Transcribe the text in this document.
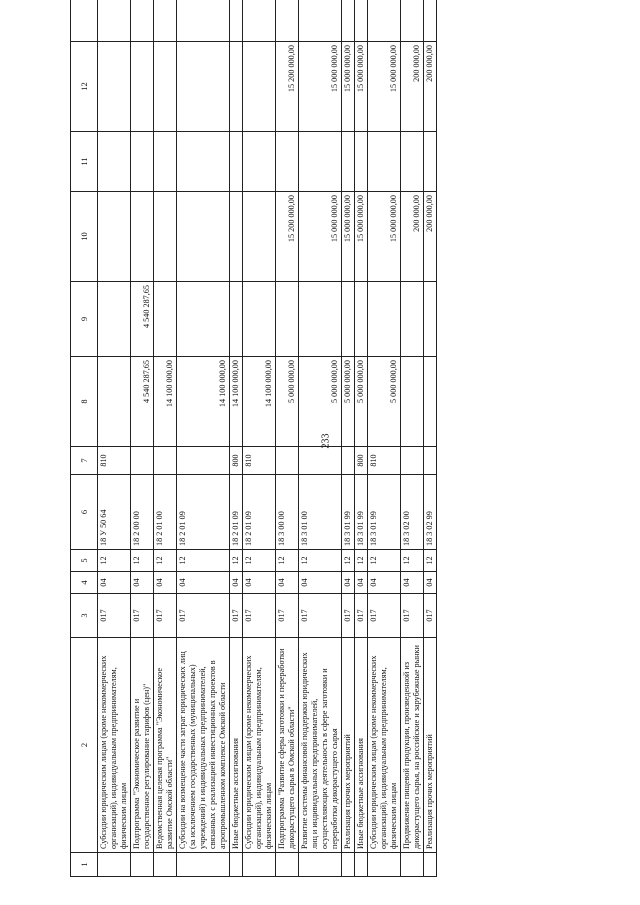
233
1	2	3	4	5	6	7	8	9	10	11	12	
	Субсидии юридическим лицам (кроме некоммерческих организаций), индивидуальным предпринимателям, физическим лицам	017	04	12	18 У 50 64	810						
	Подпрограмма "Экономическое развитие и государственное регулирование тарифов (цен)"	017	04	12	18 2 00 00		4 540 287,65	4 540 287,65				
	Ведомственная целевая программа "Экономическое развитие Омской области"	017	04	12	18 2 01 00		14 100 000,00					
	Субсидии на возмещение части затрат юридических лиц (за исключением государственных (муниципальных) учреждений) и индивидуальных предпринимателей, связанных с реализацией инвестиционных проектов в агропромышленном комплексе Омской области	017	04	12	18 2 01 09		14 100 000,00					
	Иные бюджетные ассигнования	017	04	12	18 2 01 09	800	14 100 000,00					
	Субсидии юридическим лицам (кроме некоммерческих организаций), индивидуальным предпринимателям, физическим лицам	017	04	12	18 2 01 09	810	14 100 000,00					
	Подпрограмма "Развитие сферы заготовки и переработки дикорастущего сырья в Омской области"	017	04	12	18 3 00 00		5 000 000,00		15 200 000,00		15 200 000,00	
	Развитие системы финансовой поддержки юридических лиц и индивидуальных предпринимателей, осуществляющих деятельность в сфере заготовки и переработки дикорастущего сырья	017	04	12	18 3 01 00		5 000 000,00		15 000 000,00		15 000 000,00	
	Реализация прочих мероприятий	017	04	12	18 3 01 99		5 000 000,00		15 000 000,00		15 000 000,00	
	Иные бюджетные ассигнования	017	04	12	18 3 01 99	800	5 000 000,00		15 000 000,00		15 000 000,00	
	Субсидии юридическим лицам (кроме некоммерческих организаций), индивидуальным предпринимателям, физическим лицам	017	04	12	18 3 01 99	810	5 000 000,00		15 000 000,00		15 000 000,00	
	Продвижение пищевой продукции, произведенной из дикорастущего сырья, на российские и зарубежные рынки	017	04	12	18 3 02 00				200 000,00		200 000,00	
	Реализация прочих мероприятий	017	04	12	18 3 02 99				200 000,00		200 000,00	
